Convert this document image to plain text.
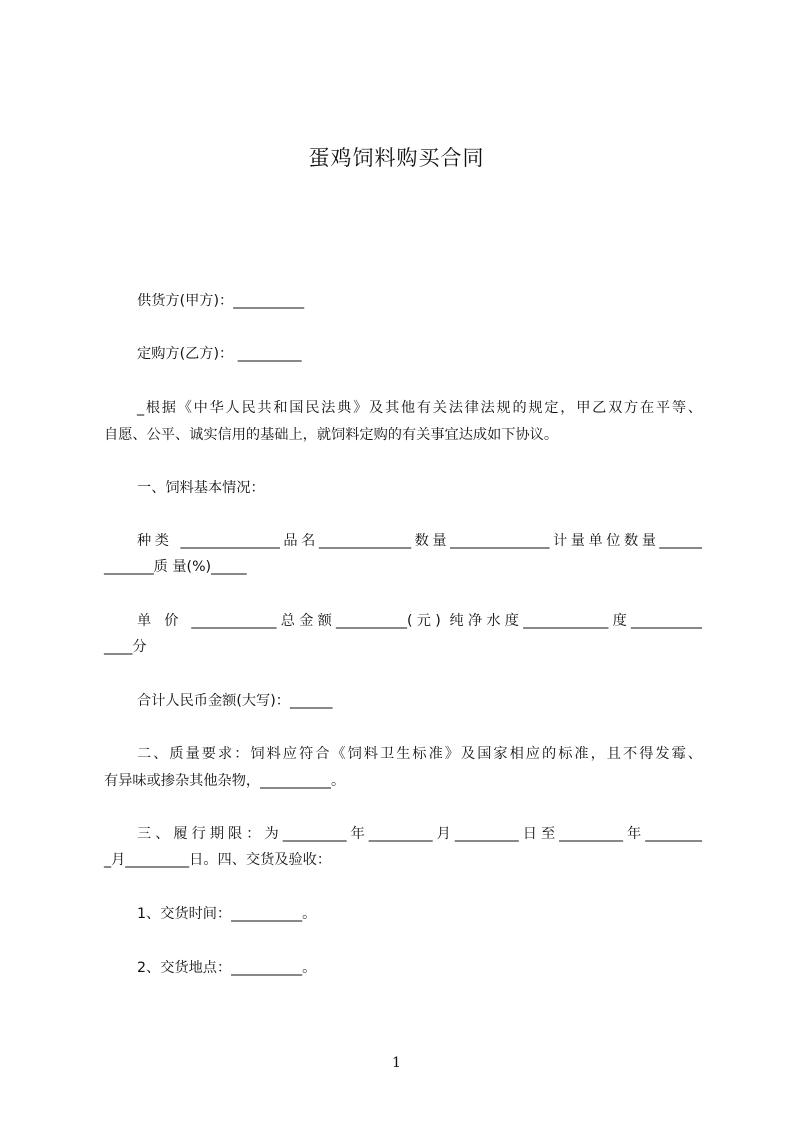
蛋鸡饲料购买合同
供货方(甲方)：__________
定购方(乙方)： _________
_根据《中华人民共和国民法典》及其他有关法律法规的规定，甲乙双方在平等、
自愿、公平、诚实信用的基础上，就饲料定购的有关事宜达成如下协议。
一、饲料基本情况：
种类 ______________品名_____________数量______________计量单位数量______
_______质 量(%)_____
单 价 ____________总金额__________(元) 纯净水度____________度__________
____分
合计人民币金额(大写)：______
二、质量要求：饲料应符合《饲料卫生标准》及国家相应的标准，且不得发霉、
有异味或掺杂其他杂物，__________。
三、履行期限：为_________年_________月_________日至_________年________
_月_________日。四、交货及验收：
1、交货时间：__________。
2、交货地点：__________。
1
